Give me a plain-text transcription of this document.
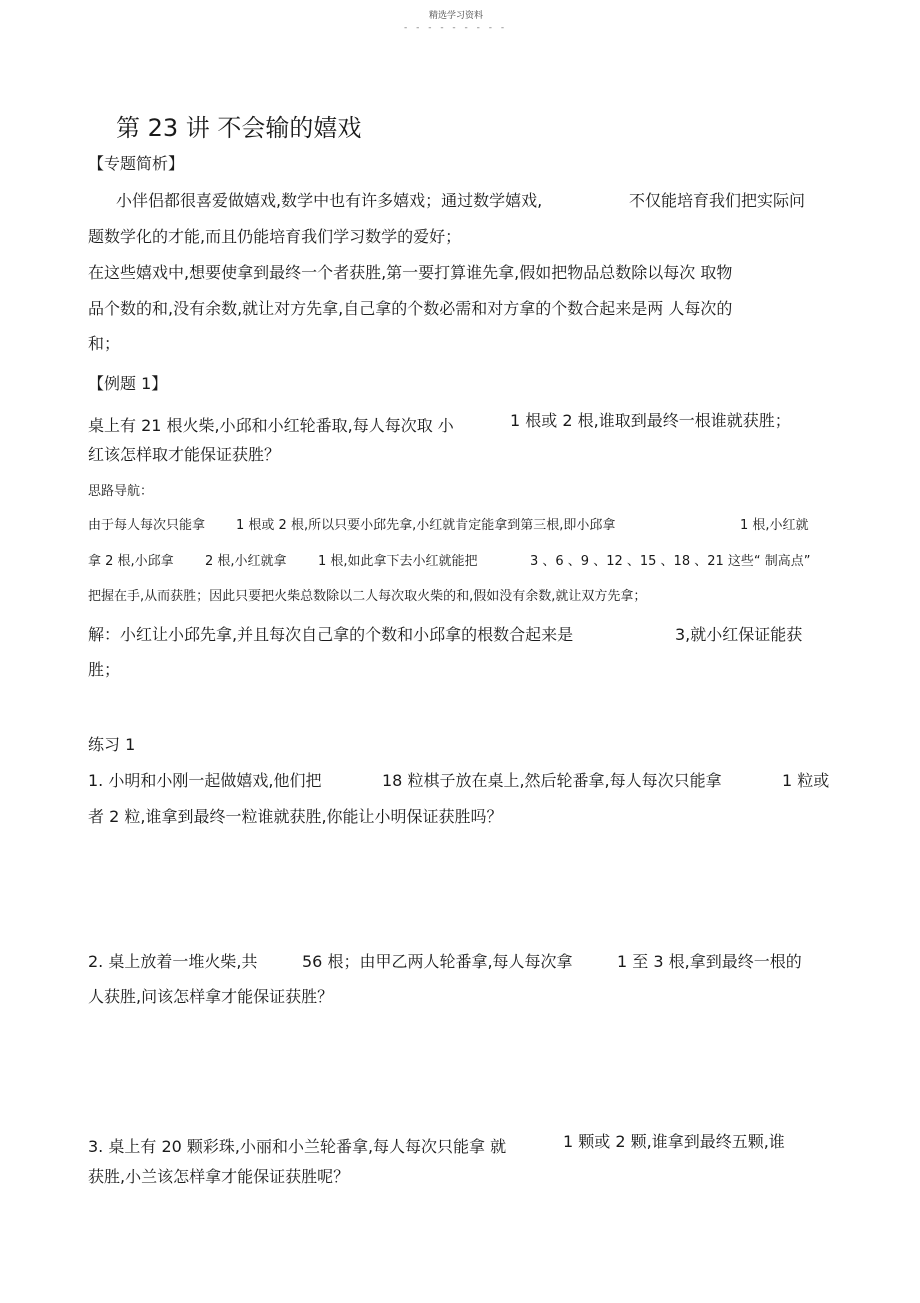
精选学习资料
- - - - - - - - -
第 23 讲 不会输的嬉戏
【专题简析】
小伴侣都很喜爱做嬉戏,数学中也有许多嬉戏；通过数学嬉戏,	不仅能培育我们把实际问
题数学化的才能,而且仍能培育我们学习数学的爱好；
在这些嬉戏中,想要使拿到最终一个者获胜,第一要打算谁先拿,假如把物品总数除以每次 取物
品个数的和,没有余数,就让对方先拿,自己拿的个数必需和对方拿的个数合起来是两 人每次的
和；
【例题 1】
桌上有 21 根火柴,小邱和小红轮番取,每人每次取 小	1 根或 2 根,谁取到最终一根谁就获胜；
红该怎样取才能保证获胜？
思路导航：
由于每人每次只能拿 1 根或 2 根,所以只要小邱先拿,小红就肯定能拿到第三根,即小邱拿	1 根,小红就
拿 2 根,小邱拿 2 根,小红就拿 1 根,如此拿下去小红就能把	3 、6 、9 、12 、15 、18 、21 这些“ 制高点”
把握在手,从而获胜；因此只要把火柴总数除以二人每次取火柴的和,假如没有余数,就让双方先拿；
解：小红让小邱先拿,并且每次自己拿的个数和小邱拿的根数合起来是	3,就小红保证能获
胜；
练习 1
1. 小明和小刚一起做嬉戏,他们把	18 粒棋子放在桌上,然后轮番拿,每人每次只能拿	1 粒或
者 2 粒,谁拿到最终一粒谁就获胜,你能让小明保证获胜吗？
2. 桌上放着一堆火柴,共	56 根；由甲乙两人轮番拿,每人每次拿	1 至 3 根,拿到最终一根的
人获胜,问该怎样拿才能保证获胜？
3. 桌上有 20 颗彩珠,小丽和小兰轮番拿,每人每次只能拿 就	1 颗或 2 颗,谁拿到最终五颗,谁
获胜,小兰该怎样拿才能保证获胜呢？
